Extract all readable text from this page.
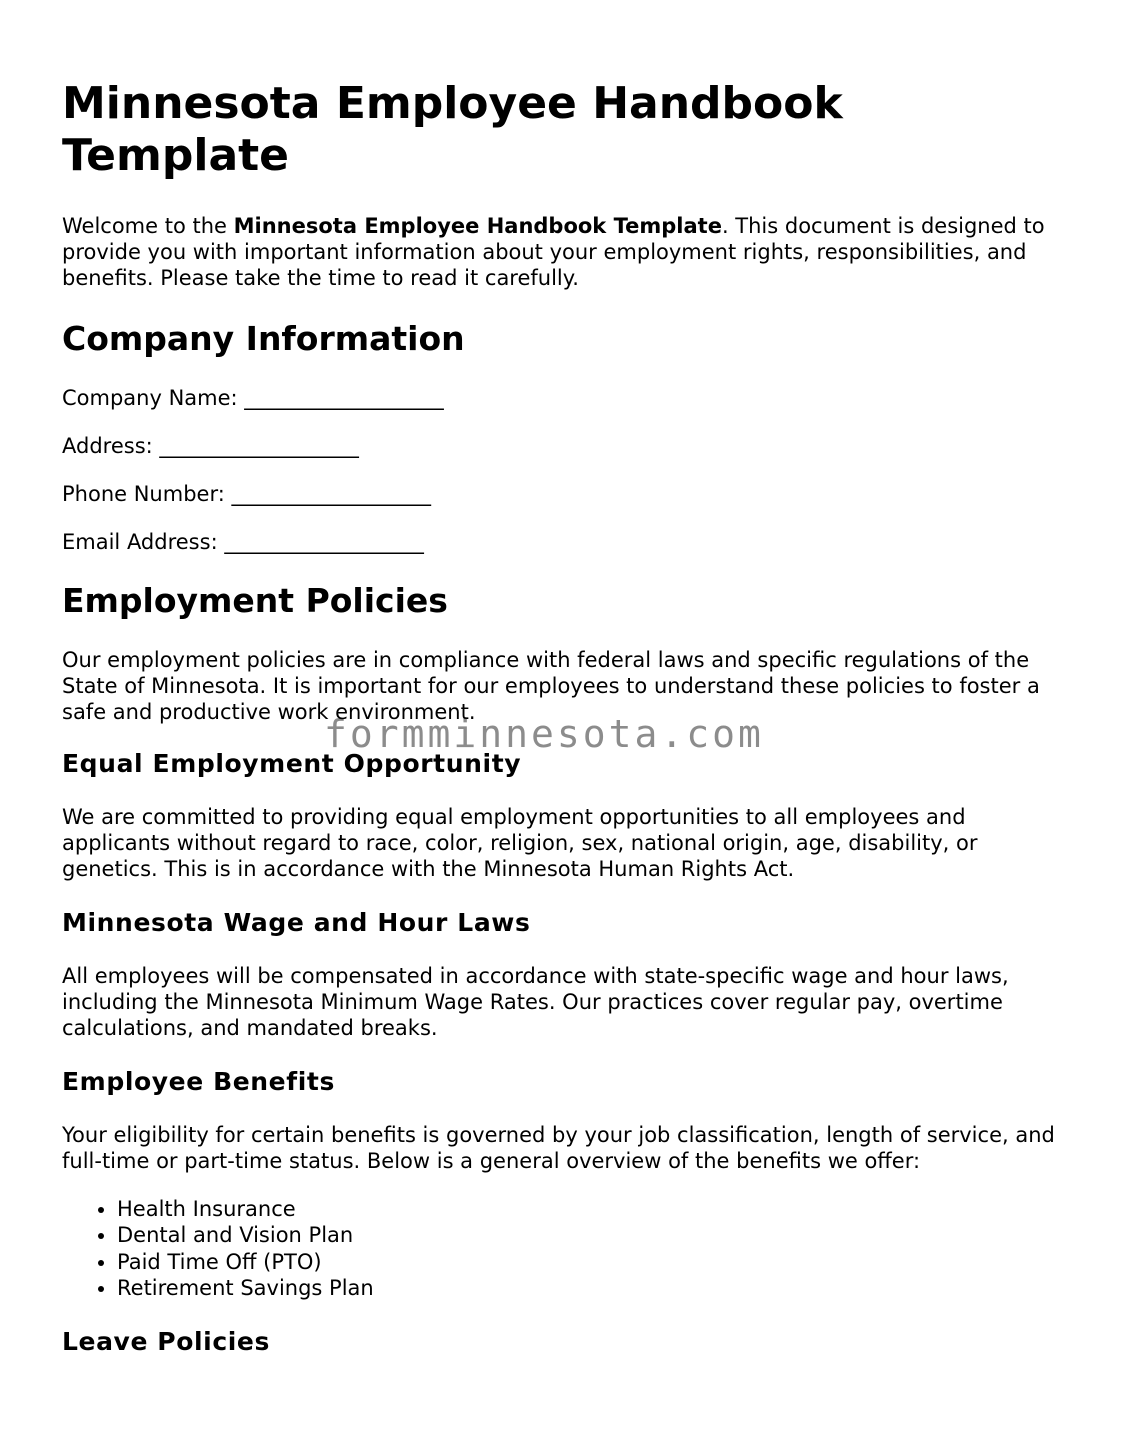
Minnesota Employee Handbook Template

Welcome to the Minnesota Employee Handbook Template. This document is designed to provide you with important information about your employment rights, responsibilities, and benefits. Please take the time to read it carefully.

Company Information

Company Name: ___________________

Address: ___________________

Phone Number: ___________________

Email Address: ___________________

Employment Policies

Our employment policies are in compliance with federal laws and specific regulations of the State of Minnesota. It is important for our employees to understand these policies to foster a safe and productive work environment.

Equal Employment Opportunity

We are committed to providing equal employment opportunities to all employees and applicants without regard to race, color, religion, sex, national origin, age, disability, or genetics. This is in accordance with the Minnesota Human Rights Act.

Minnesota Wage and Hour Laws

All employees will be compensated in accordance with state-specific wage and hour laws, including the Minnesota Minimum Wage Rates. Our practices cover regular pay, overtime calculations, and mandated breaks.

Employee Benefits

Your eligibility for certain benefits is governed by your job classification, length of service, and full-time or part-time status. Below is a general overview of the benefits we offer:

• Health Insurance
• Dental and Vision Plan
• Paid Time Off (PTO)
• Retirement Savings Plan
Leave Policies
formminnesota.com
